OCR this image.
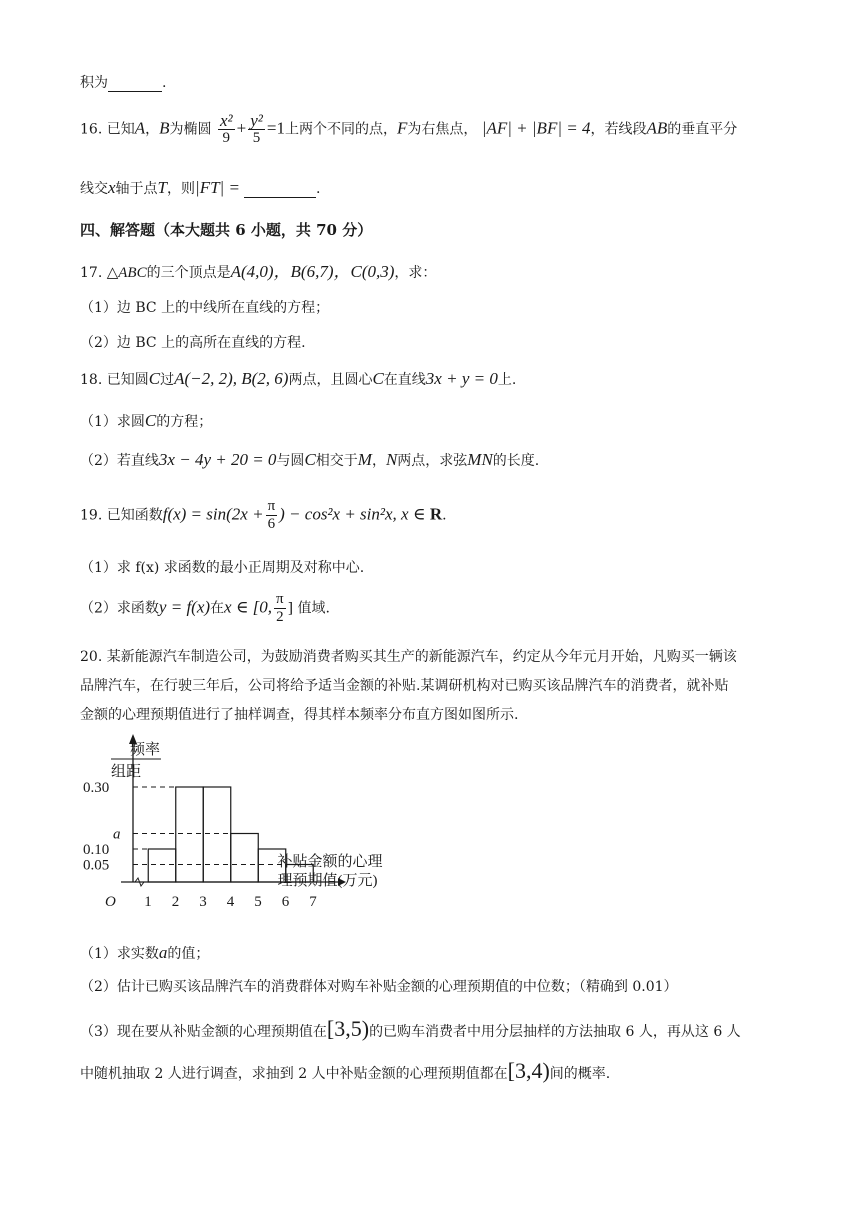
积为	.
16. 已知A，B为椭圆 $\frac{\text{x²}}{9} + \frac{\text{y²}}{5} =1$上两个不同的点，F为右焦点， |AF| + |BF| = 4，若线段AB的垂直平分
线交x轴于点T，则|FT| =	.
四、解答题（本大题共 6 小题，共 70 分）
17. △ABC的三个顶点是A(4,0)，B(6,7)，C(0,3)，求：
（1）边 BC 上的中线所在直线的方程；
（2）边 BC 上的高所在直线的方程.
18. 已知圆C过A(−2, 2), B(2, 6)两点，且圆心C在直线3x + y = 0上.
（1）求圆C的方程；
（2）若直线3x − 4y + 20 = 0与圆C相交于M，N两点，求弦MN的长度.
19. 已知函数$f(x) = \sin(2x + \frac{\pi}{6}$ ) − cos²x + sin²x, x ∈ R.
（1）求 f(x) 求函数的最小正周期及对称中心.
（2）求函数y = f(x)在x ∈ [0, $\frac{\pi}{2}$ ] 值域.
20. 某新能源汽车制造公司，为鼓励消费者购买其生产的新能源汽车，约定从今年元月开始，凡购买一辆该
品牌汽车，在行驶三年后，公司将给予适当金额的补贴.某调研机构对已购买该品牌汽车的消费者，就补贴
金额的心理预期值进行了抽样调查，得其样本频率分布直方图如图所示.
频率
组距
O 1 2 3 4 5 6 7
补贴金额的心理
理预期值(万元)
0.30
a
0.10
0.05
（1）求实数a的值；
（2）估计已购买该品牌汽车的消费群体对购车补贴金额的心理预期值的中位数；（精确到 0.01）
（3）现在要从补贴金额的心理预期值在[3,5)的已购车消费者中用分层抽样的方法抽取 6 人，再从这 6 人
中随机抽取 2 人进行调查，求抽到 2 人中补贴金额的心理预期值都在[3,4)间的概率.
